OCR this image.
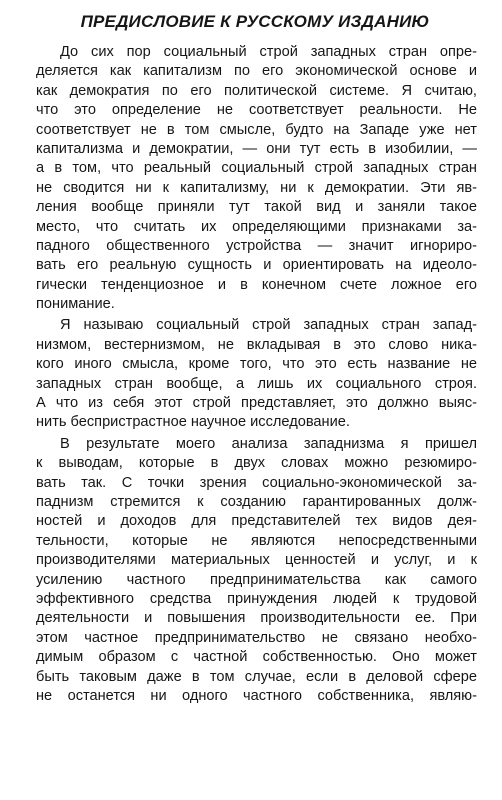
ПРЕДИСЛОВИЕ К РУССКОМУ ИЗДАНИЮ
До сих пор социальный строй западных стран опре-
деляется как капитализм по его экономической основе и
как демократия по его политической системе. Я считаю,
что это определение не соответствует реальности. Не
соответствует не в том смысле, будто на Западе уже нет
капитализма и демократии, — они тут есть в изобилии, —
а в том, что реальный социальный строй западных стран
не сводится ни к капитализму, ни к демократии. Эти яв-
ления вообще приняли тут такой вид и заняли такое
место, что считать их определяющими признаками за-
падного общественного устройства — значит игнориро-
вать его реальную сущность и ориентировать на идеоло-
гически тенденциозное и в конечном счете ложное его
понимание.
Я называю социальный строй западных стран запад-
низмом, вестернизмом, не вкладывая в это слово ника-
кого иного смысла, кроме того, что это есть название не
западных стран вообще, а лишь их социального строя.
А что из себя этот строй представляет, это должно выяс-
нить беспристрастное научное исследование.
В результате моего анализа западнизма я пришел
к выводам, которые в двух словах можно резюмиро-
вать так. С точки зрения социально-экономической за-
паднизм стремится к созданию гарантированных долж-
ностей и доходов для представителей тех видов дея-
тельности, которые не являются непосредственными
производителями материальных ценностей и услуг, и к
усилению частного предпринимательства как самого
эффективного средства принуждения людей к трудовой
деятельности и повышения производительности ее. При
этом частное предпринимательство не связано необхо-
димым образом с частной собственностью. Оно может
быть таковым даже в том случае, если в деловой сфере
не останется ни одного частного собственника, являю-
